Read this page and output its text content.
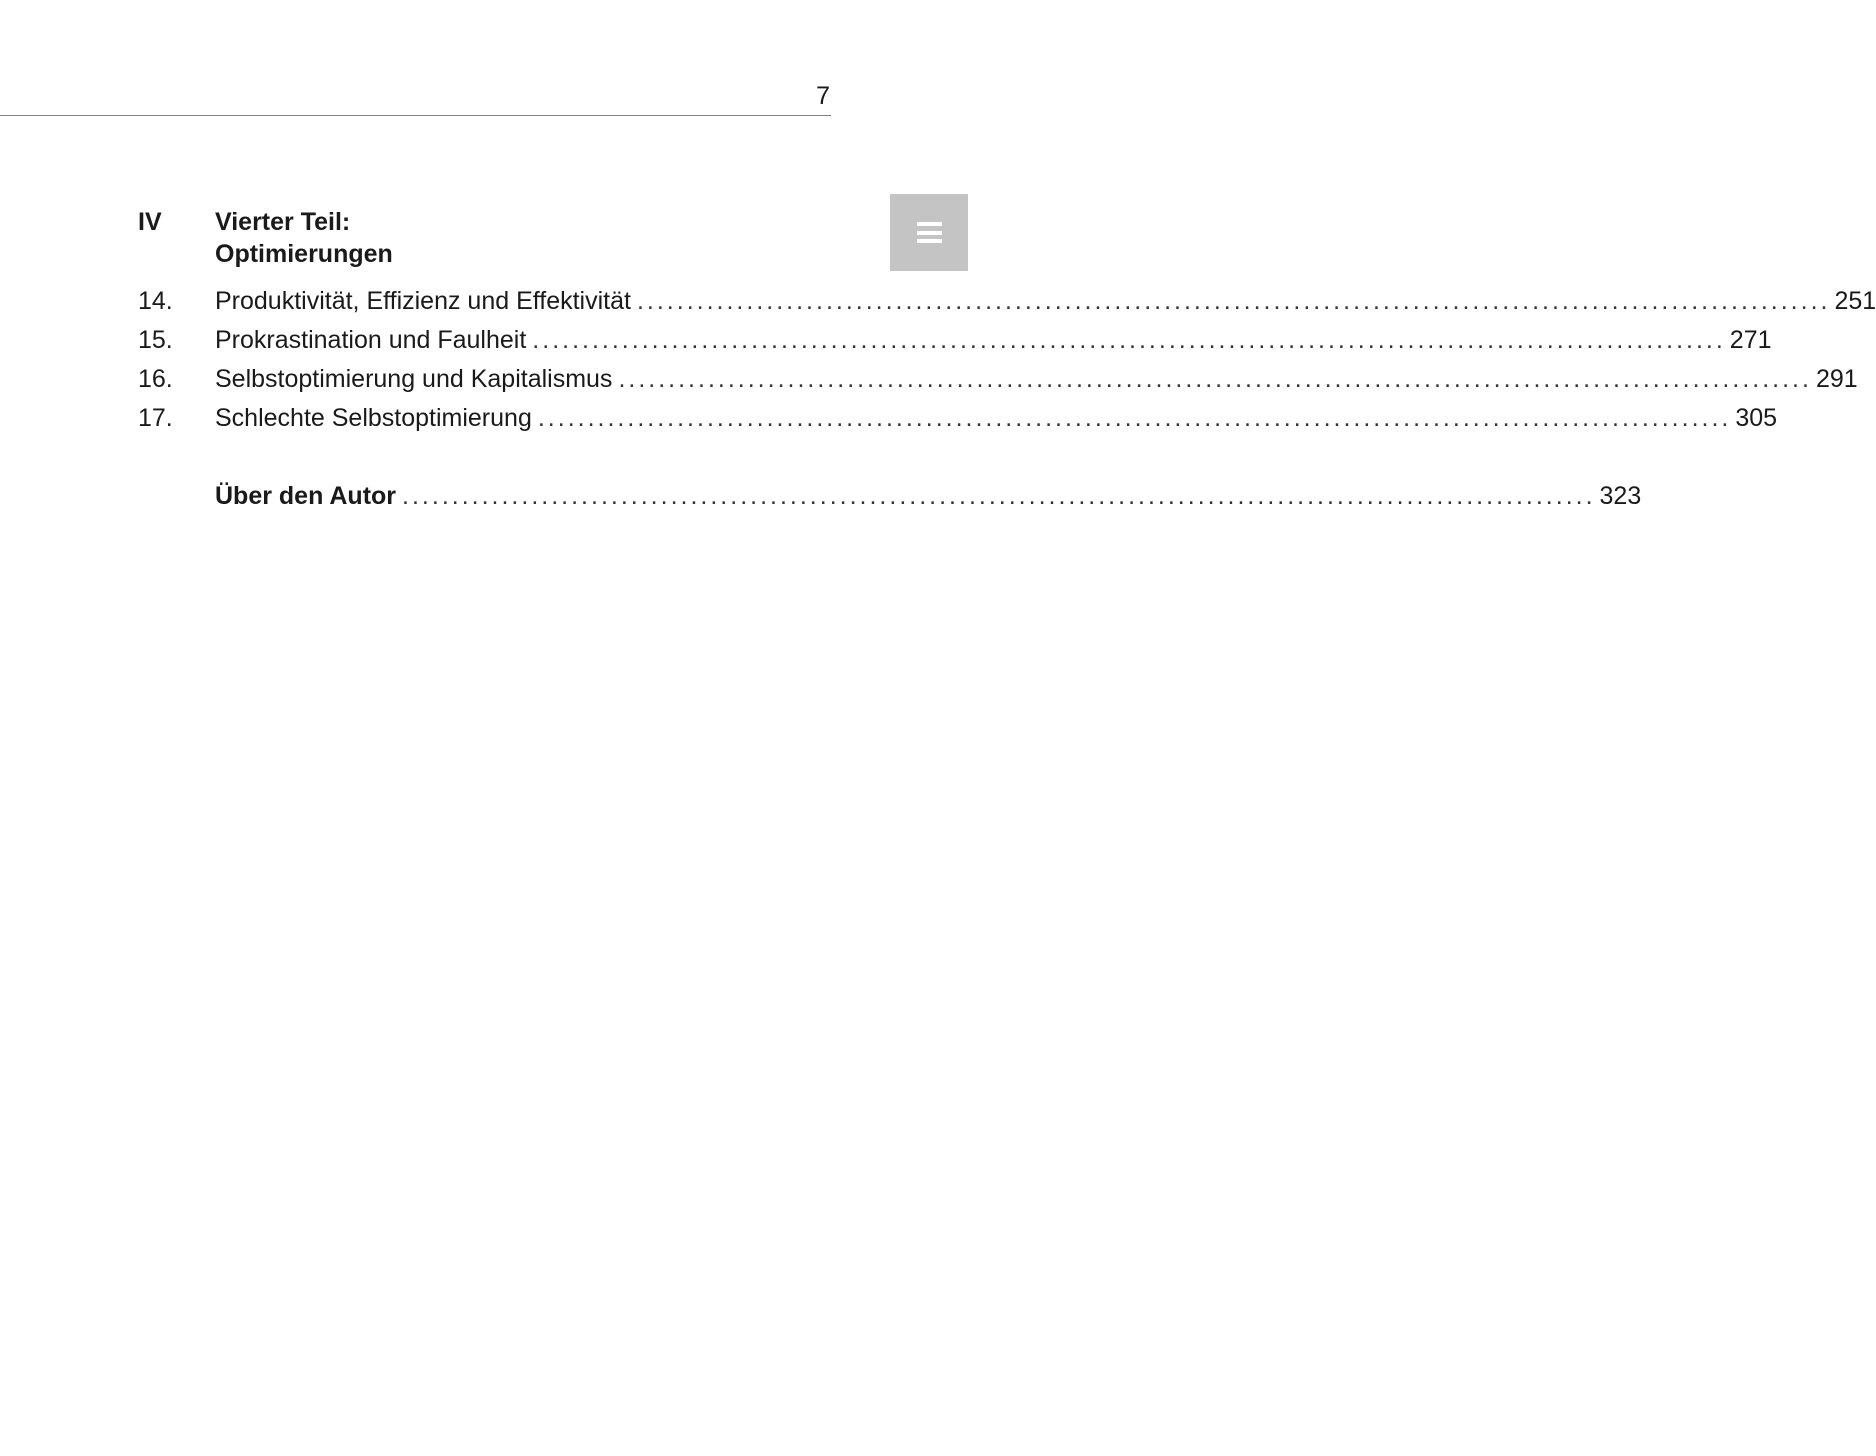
7
IV	Vierter Teil:
Optimierungen
14.	Produktivität, Effizienz und Effektivität ........................................................................................................................ 251
15.	Prokrastination und Faulheit ........................................................................................................................ 271
16.	Selbstoptimierung und Kapitalismus ........................................................................................................................ 291
17.	Schlechte Selbstoptimierung ........................................................................................................................ 305
Über den Autor ........................................................................................................................ 323
